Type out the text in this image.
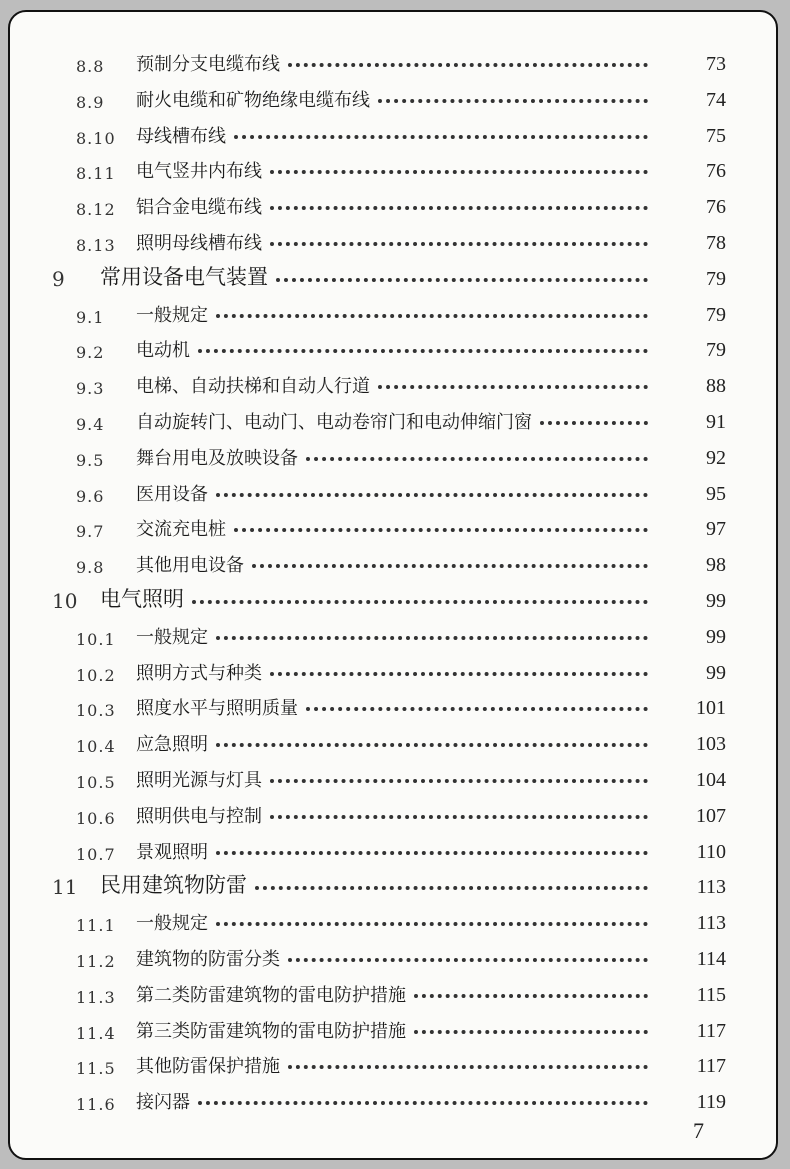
8.8	预制分支电缆布线	73
8.9	耐火电缆和矿物绝缘电缆布线	74
8.10	母线槽布线	75
8.11	电气竖井内布线	76
8.12	铝合金电缆布线	76
8.13	照明母线槽布线	78
9	常用设备电气装置	79
9.1	一般规定	79
9.2	电动机	79
9.3	电梯、自动扶梯和自动人行道	88
9.4	自动旋转门、电动门、电动卷帘门和电动伸缩门窗	91
9.5	舞台用电及放映设备	92
9.6	医用设备	95
9.7	交流充电桩	97
9.8	其他用电设备	98
10	电气照明	99
10.1	一般规定	99
10.2	照明方式与种类	99
10.3	照度水平与照明质量	101
10.4	应急照明	103
10.5	照明光源与灯具	104
10.6	照明供电与控制	107
10.7	景观照明	110
11	民用建筑物防雷	113
11.1	一般规定	113
11.2	建筑物的防雷分类	114
11.3	第二类防雷建筑物的雷电防护措施	115
11.4	第三类防雷建筑物的雷电防护措施	117
11.5	其他防雷保护措施	117
11.6	接闪器	119
7
